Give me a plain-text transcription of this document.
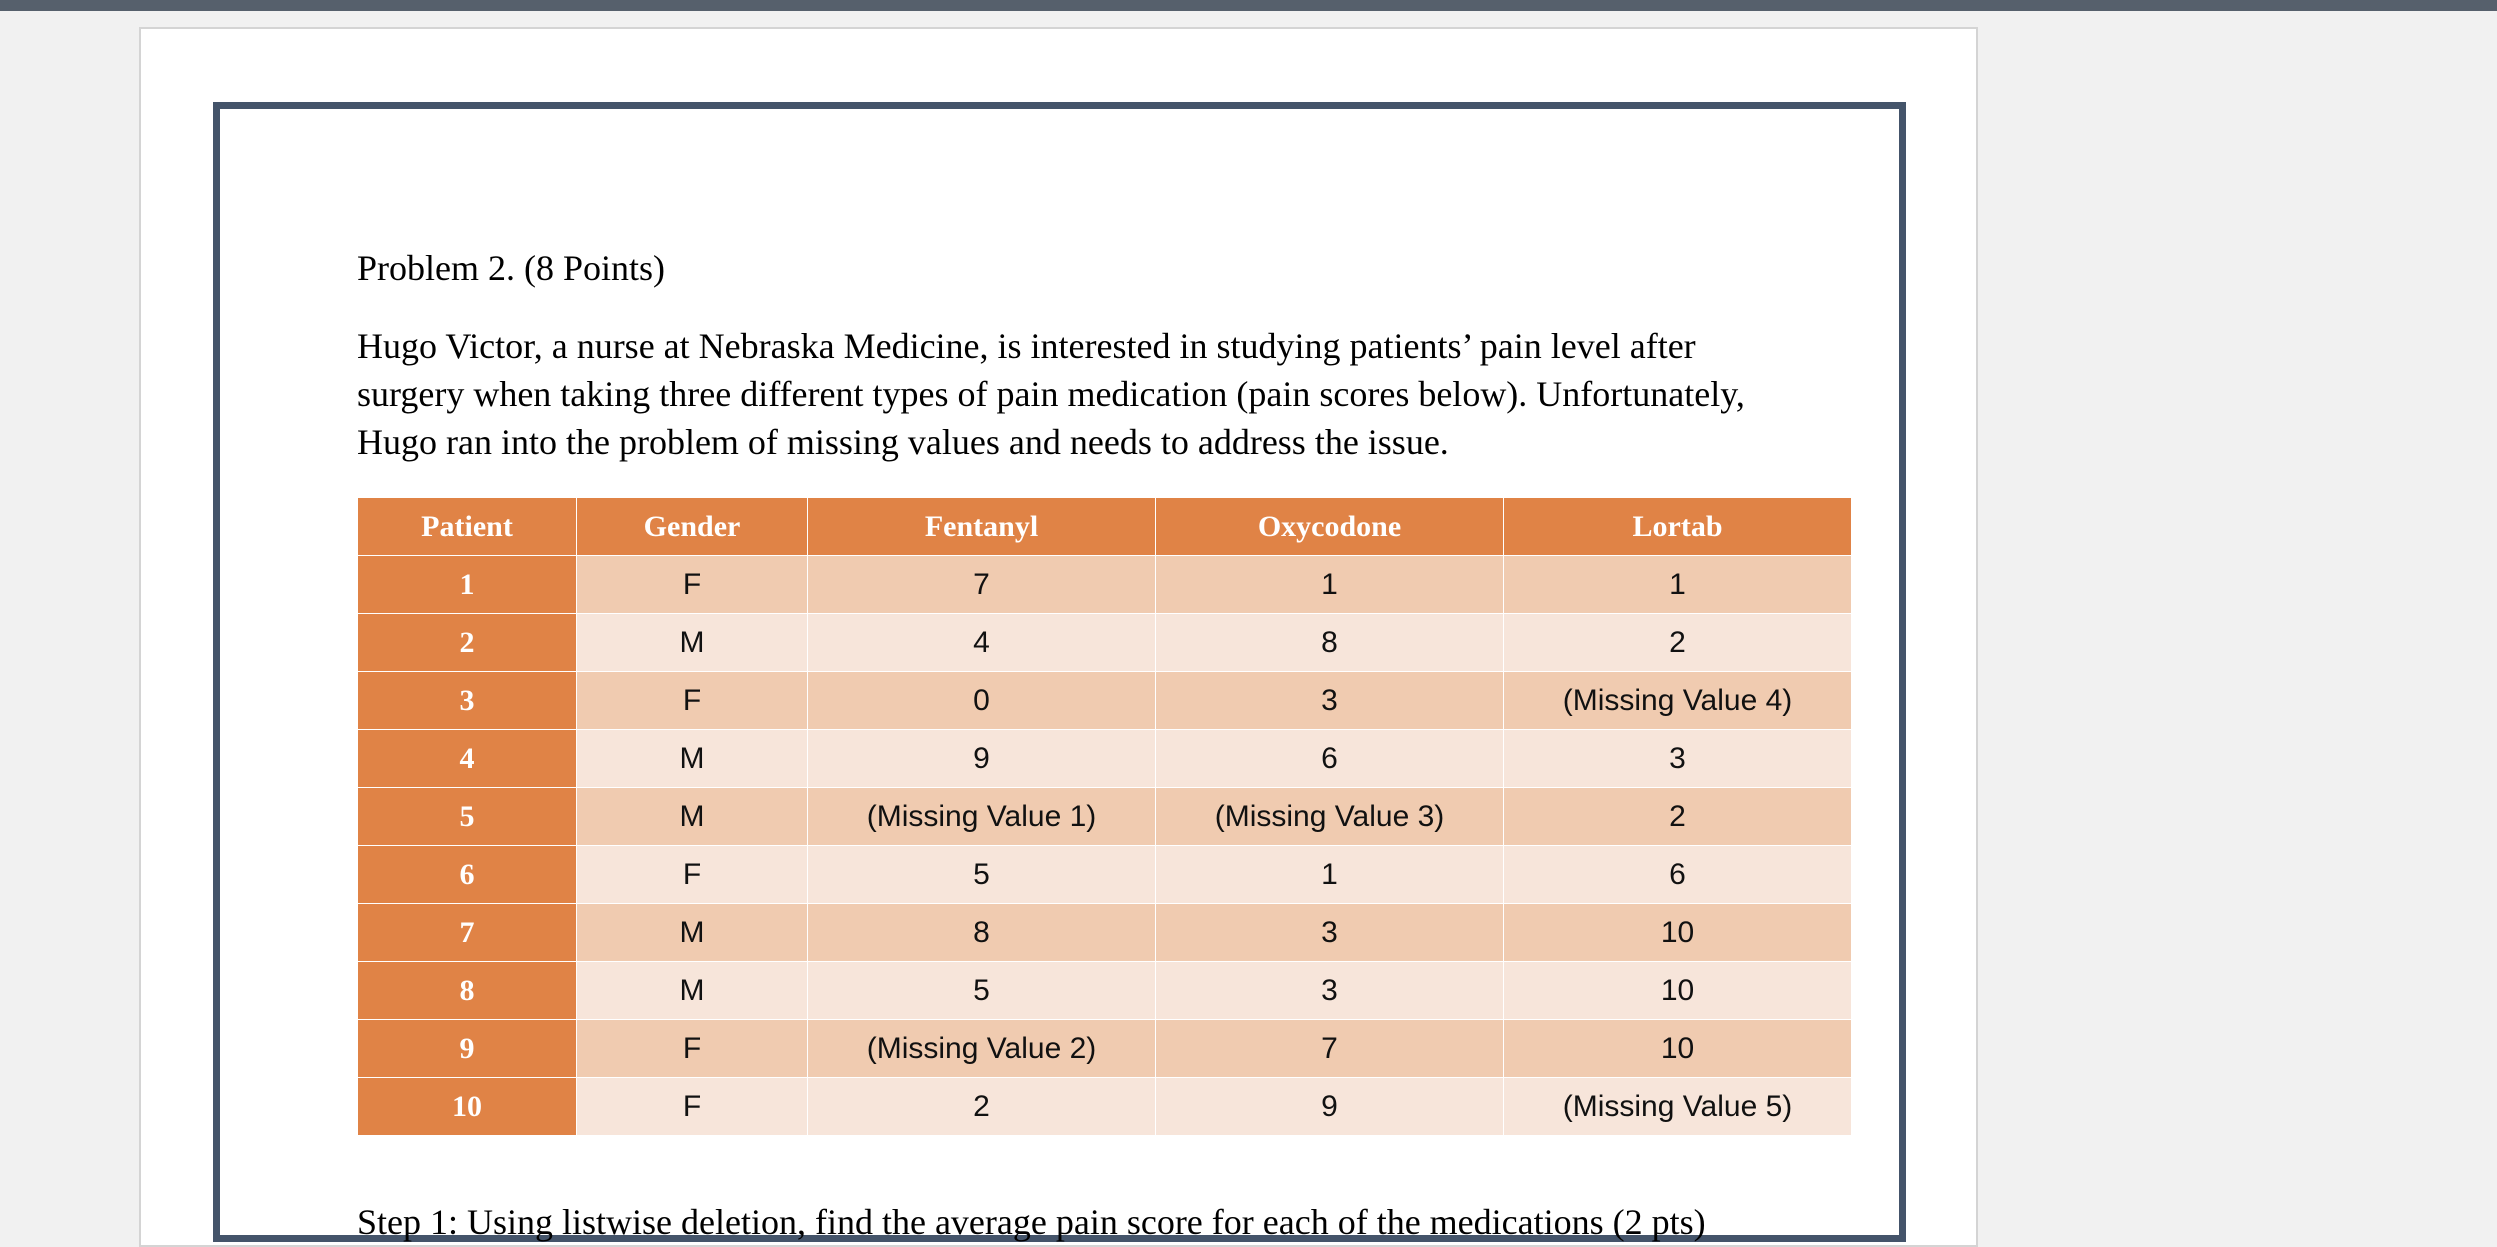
Problem 2. (8 Points)
Hugo Victor, a nurse at Nebraska Medicine, is interested in studying patients’ pain level after
surgery when taking three different types of pain medication (pain scores below). Unfortunately,
Hugo ran into the problem of missing values and needs to address the issue.
Patient	Gender	Fentanyl	Oxycodone	Lortab
1	F	7	1	1
2	M	4	8	2
3	F	0	3	(Missing Value 4)
4	M	9	6	3
5	M	(Missing Value 1)	(Missing Value 3)	2
6	F	5	1	6
7	M	8	3	10
8	M	5	3	10
9	F	(Missing Value 2)	7	10
10	F	2	9	(Missing Value 5)
Step 1: Using listwise deletion, find the average pain score for each of the medications (2 pts)
